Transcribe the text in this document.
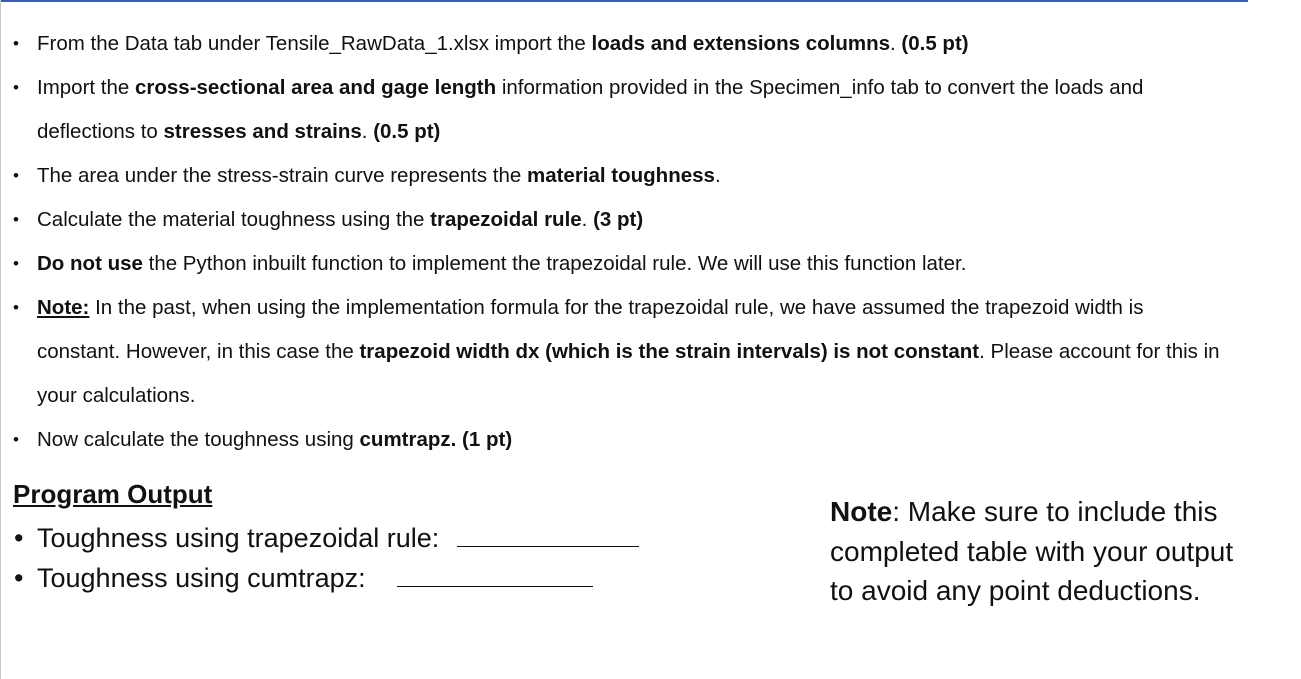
• From the Data tab under Tensile_RawData_1.xlsx import the loads and extensions columns. (0.5 pt)
• Import the cross-sectional area and gage length information provided in the Specimen_info tab to convert the loads and
deflections to stresses and strains. (0.5 pt)
• The area under the stress-strain curve represents the material toughness.
• Calculate the material toughness using the trapezoidal rule. (3 pt)
• Do not use the Python inbuilt function to implement the trapezoidal rule. We will use this function later.
• Note: In the past, when using the implementation formula for the trapezoidal rule, we have assumed the trapezoid width is
constant. However, in this case the trapezoid width dx (which is the strain intervals) is not constant. Please account for this in
your calculations.
• Now calculate the toughness using cumtrapz. (1 pt)
Program Output
• Toughness using trapezoidal rule:
• Toughness using cumtrapz:
Note: Make sure to include this
completed table with your output
to avoid any point deductions.
